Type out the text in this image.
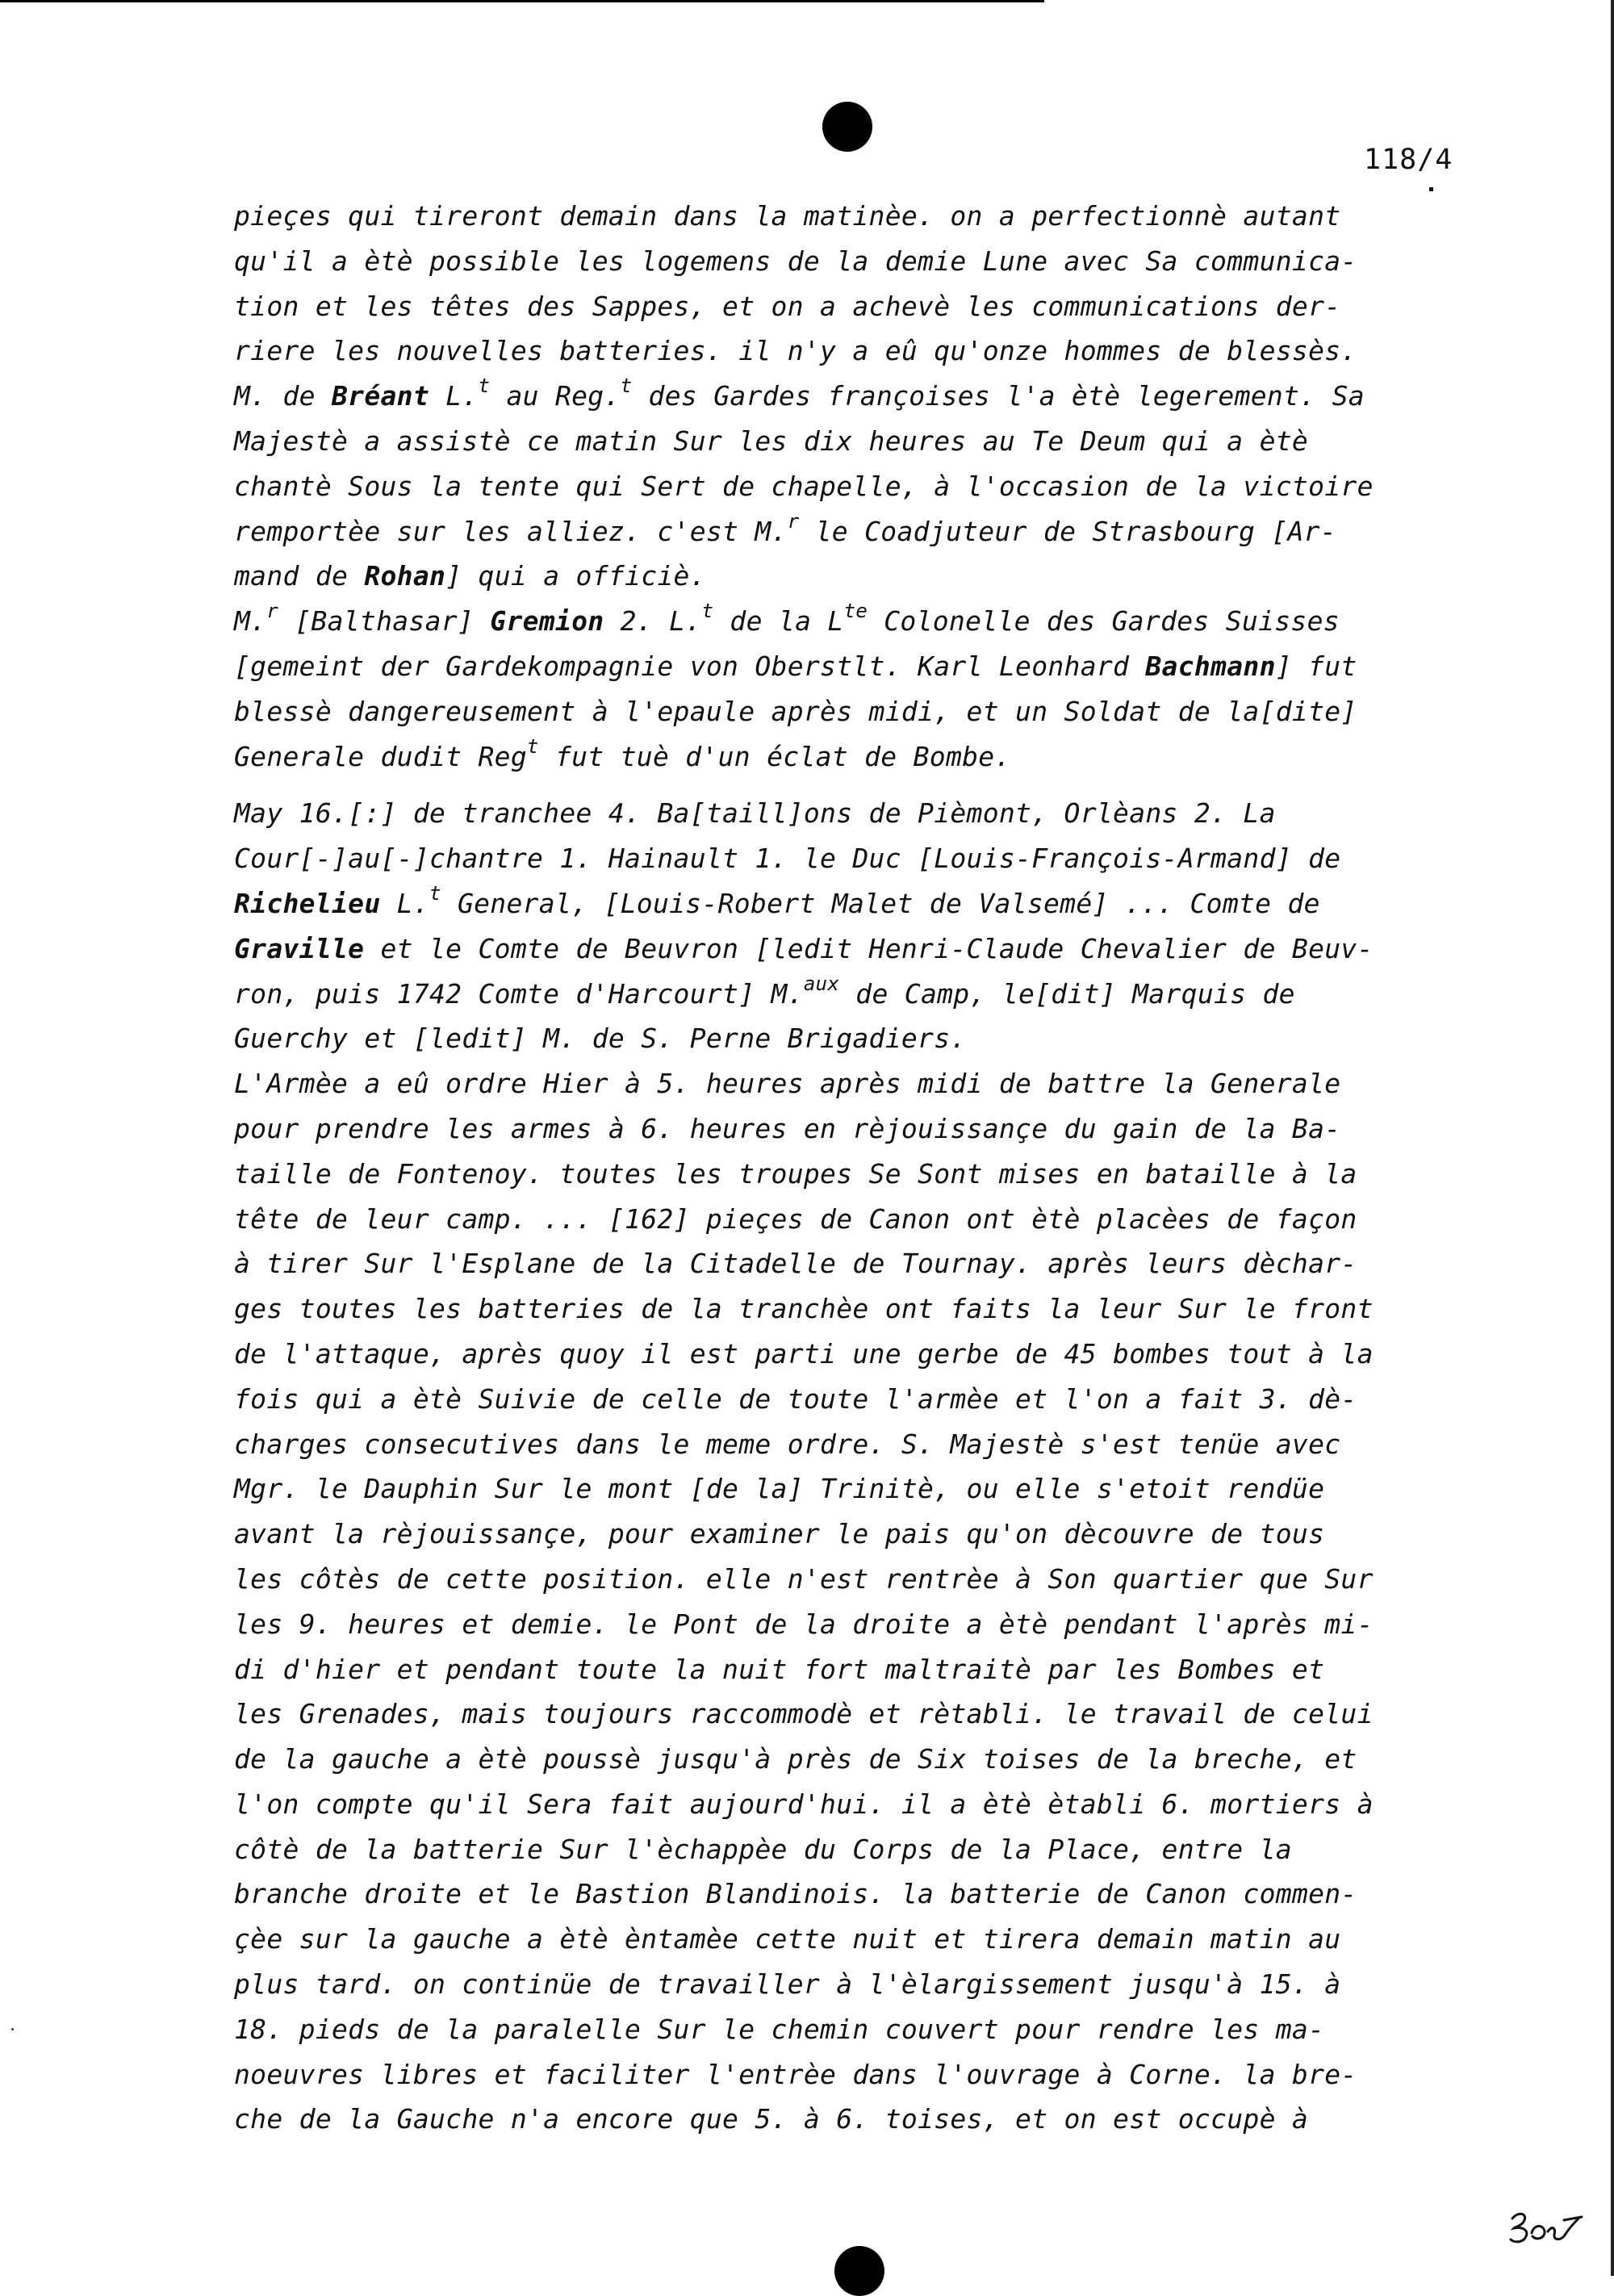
118/4
pieçes qui tireront demain dans la matinèe. on a perfectionnè autant
qu'il a ètè possible les logemens de la demie Lune avec Sa communica-
tion et les têtes des Sappes, et on a achevè les communications der-
riere les nouvelles batteries. il n'y a eû qu'onze hommes de blessès.
M. de Bréant L.$^t$ au Reg.$^t$ des Gardes françoises l'a ètè legerement. Sa
Majestè a assistè ce matin Sur les dix heures au Te Deum qui a ètè
chantè Sous la tente qui Sert de chapelle, à l'occasion de la victoire
remportèe sur les alliez. c'est M.$^r$ le Coadjuteur de Strasbourg [Ar-
mand de Rohan] qui a officiè.
M.$^r$ [Balthasar] Gremion 2. L.$^t$ de la $L^{te}$ Colonelle des Gardes Suisses
[gemeint der Gardekompagnie von Oberstlt. Karl Leonhard Bachmann] fut
blessè dangereusement à l'epaule après midi, et un Soldat de la[dite]
Generale dudit Reg$^t$ fut tuè d'un éclat de Bombe.
May 16.[:] de tranchee 4. Ba[taill]ons de Pièmont, Orlèans 2. La
Cour[-]au[-]chantre 1. Hainault 1. le Duc [Louis-François-Armand] de
Richelieu L.$^t$ General, [Louis-Robert Malet de Valsemé] ... Comte de
Graville et le Comte de Beuvron [ledit Henri-Claude Chevalier de Beuv-
ron, puis 1742 Comte d'Harcourt] M.$^{aux}$ de Camp, le[dit] Marquis de
Guerchy et [ledit] M. de S. Perne Brigadiers.
L'Armèe a eû ordre Hier à 5. heures après midi de battre la Generale
pour prendre les armes à 6. heures en rèjouissançe du gain de la Ba-
taille de Fontenoy. toutes les troupes Se Sont mises en bataille à la
tête de leur camp. ... [162] pieçes de Canon ont ètè placèes de façon
à tirer Sur l'Esplane de la Citadelle de Tournay. après leurs dèchar-
ges toutes les batteries de la tranchèe ont faits la leur Sur le front
de l'attaque, après quoy il est parti une gerbe de 45 bombes tout à la
fois qui a ètè Suivie de celle de toute l'armèe et l'on a fait 3. dè-
charges consecutives dans le meme ordre. S. Majestè s'est tenüe avec
Mgr. le Dauphin Sur le mont [de la] Trinitè, ou elle s'etoit rendüe
avant la rèjouissançe, pour examiner le pais qu'on dècouvre de tous
les côtès de cette position. elle n'est rentrèe à Son quartier que Sur
les 9. heures et demie. le Pont de la droite a ètè pendant l'après mi-
di d'hier et pendant toute la nuit fort maltraitè par les Bombes et
les Grenades, mais toujours raccommodè et rètabli. le travail de celui
de la gauche a ètè poussè jusqu'à près de Six toises de la breche, et
l'on compte qu'il Sera fait aujourd'hui. il a ètè ètabli 6. mortiers à
côtè de la batterie Sur l'èchappèe du Corps de la Place, entre la
branche droite et le Bastion Blandinois. la batterie de Canon commen-
çèe sur la gauche a ètè èntamèe cette nuit et tirera demain matin au
plus tard. on continüe de travailler à l'èlargissement jusqu'à 15. à
18. pieds de la paralelle Sur le chemin couvert pour rendre les ma-
noeuvres libres et faciliter l'entrèe dans l'ouvrage à Corne. la bre-
che de la Gauche n'a encore que 5. à 6. toises, et on est occupè à
